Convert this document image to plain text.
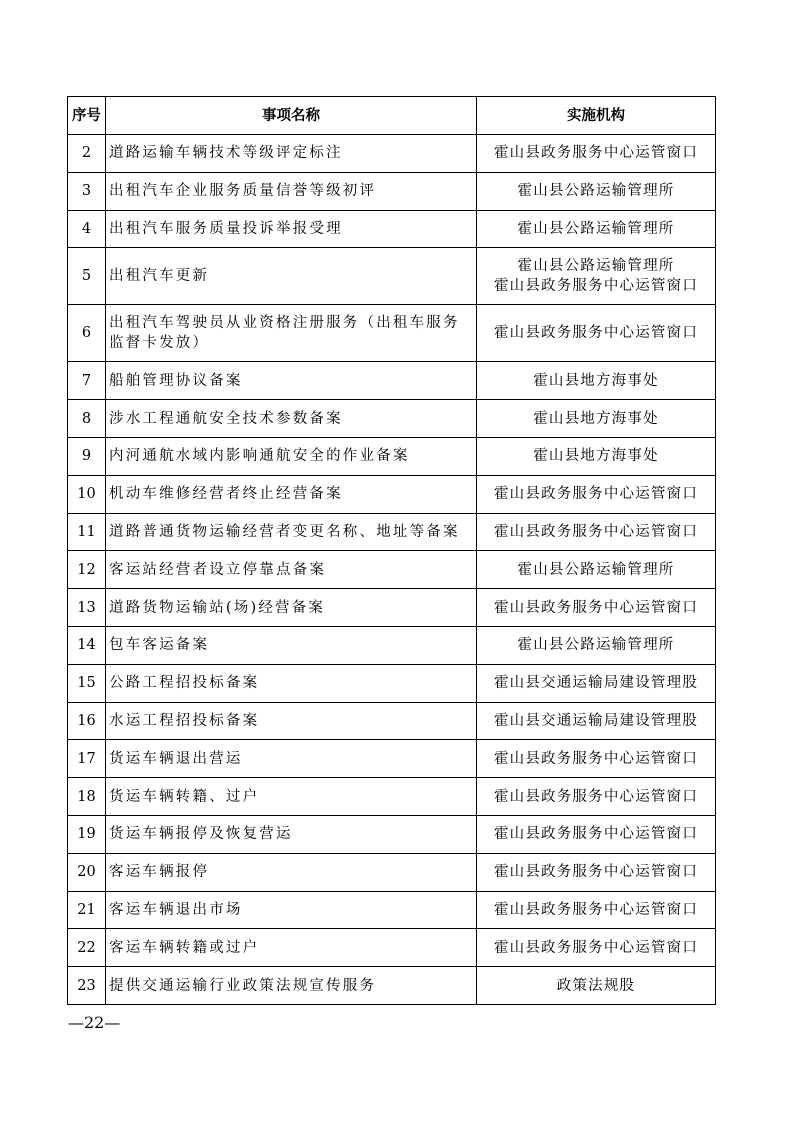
序号	事项名称	实施机构
2	道路运输车辆技术等级评定标注	霍山县政务服务中心运管窗口

3	出租汽车企业服务质量信誉等级初评	霍山县公路运输管理所

4	出租汽车服务质量投诉举报受理	霍山县公路运输管理所

5	出租汽车更新	霍山县公路运输管理所
霍山县政务服务中心运管窗口

6	出租汽车驾驶员从业资格注册服务（出租车服务监督卡发放）	霍山县政务服务中心运管窗口

7	船舶管理协议备案	霍山县地方海事处

8	涉水工程通航安全技术参数备案	霍山县地方海事处

9	内河通航水域内影响通航安全的作业备案	霍山县地方海事处

10	机动车维修经营者终止经营备案	霍山县政务服务中心运管窗口

11	道路普通货物运输经营者变更名称、地址等备案	霍山县政务服务中心运管窗口

12	客运站经营者设立停靠点备案	霍山县公路运输管理所

13	道路货物运输站(场)经营备案	霍山县政务服务中心运管窗口

14	包车客运备案	霍山县公路运输管理所

15	公路工程招投标备案	霍山县交通运输局建设管理股

16	水运工程招投标备案	霍山县交通运输局建设管理股

17	货运车辆退出营运	霍山县政务服务中心运管窗口

18	货运车辆转籍、过户	霍山县政务服务中心运管窗口

19	货运车辆报停及恢复营运	霍山县政务服务中心运管窗口

20	客运车辆报停	霍山县政务服务中心运管窗口

21	客运车辆退出市场	霍山县政务服务中心运管窗口

22	客运车辆转籍或过户	霍山县政务服务中心运管窗口

23	提供交通运输行业政策法规宣传服务	政策法规股
—22—
